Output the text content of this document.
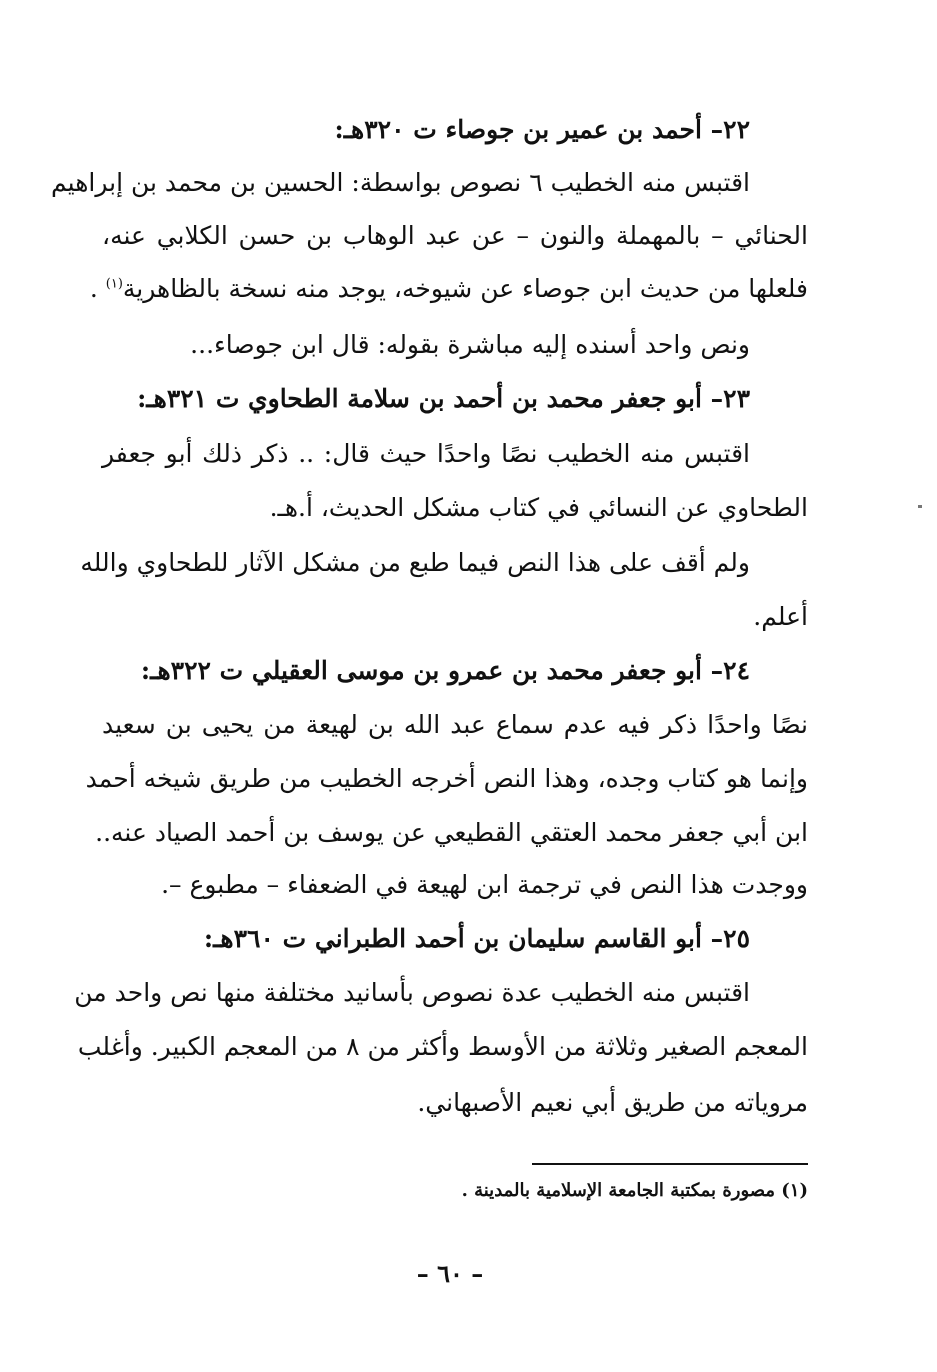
٢٢– أحمد بن عمير بن جوصاء ت ٣٢٠هـ:
اقتبس منه الخطيب ٦ نصوص بواسطة: الحسين بن محمد بن إبراهيم
الحنائي – بالمهملة والنون – عن عبد الوهاب بن حسن الكلابي عنه،
فلعلها من حديث ابن جوصاء عن شيوخه، يوجد منه نسخة بالظاهرية$^{(١)}$ .
ونص واحد أسنده إليه مباشرة بقوله: قال ابن جوصاء...
٢٣– أبو جعفر محمد بن أحمد بن سلامة الطحاوي ت ٣٢١هـ:
اقتبس منه الخطيب نصًا واحدًا حيث قال: .. ذكر ذلك أبو جعفر
الطحاوي عن النسائي في كتاب مشكل الحديث، أ.هـ.
ولم أقف على هذا النص فيما طبع من مشكل الآثار للطحاوي والله
أعلم.
٢٤– أبو جعفر محمد بن عمرو بن موسى العقيلي ت ٣٢٢هـ:
نصًا واحدًا ذكر فيه عدم سماع عبد الله بن لهيعة من يحيى بن سعيد
وإنما هو كتاب وجده، وهذا النص أخرجه الخطيب من طريق شيخه أحمد
ابن أبي جعفر محمد العتقي القطيعي عن يوسف بن أحمد الصياد عنه..
ووجدت هذا النص في ترجمة ابن لهيعة في الضعفاء – مطبوع –.
٢٥– أبو القاسم سليمان بن أحمد الطبراني ت ٣٦٠هـ:
اقتبس منه الخطيب عدة نصوص بأسانيد مختلفة منها نص واحد من
المعجم الصغير وثلاثة من الأوسط وأكثر من ٨ من المعجم الكبير. وأغلب
مروياته من طريق أبي نعيم الأصبهاني.
(١) مصورة بمكتبة الجامعة الإسلامية بالمدينة .
– ٦٠ –
